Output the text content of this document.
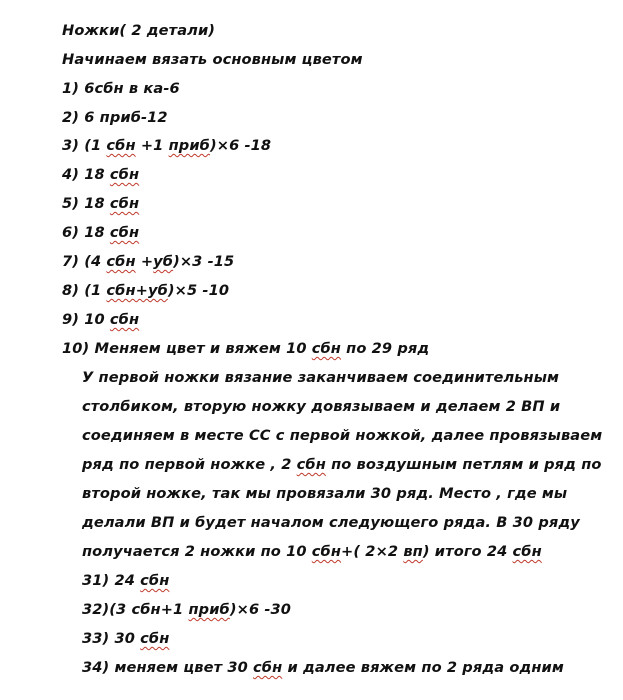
Ножки( 2 детали)
Начинаем вязать основным цветом
1) 6сбн в ка-6
2) 6 приб-12
3) (1 сбн +1 приб)×6 -18
4) 18 сбн
5) 18 сбн
6) 18 сбн
7) (4 сбн +уб)×3 -15
8) (1 сбн+уб)×5 -10
9) 10 сбн
10) Меняем цвет и вяжем 10 сбн по 29 ряд
У первой ножки вязание заканчиваем соединительным
столбиком, вторую ножку довязываем и делаем 2 ВП и
соединяем в месте СС с первой ножкой, далее провязываем
ряд по первой ножке , 2 сбн по воздушным петлям и ряд по
второй ножке, так мы провязали 30 ряд. Место , где мы
делали ВП и будет началом следующего ряда. В 30 ряду
получается 2 ножки по 10 сбн+( 2×2 вп) итого 24 сбн
31) 24 сбн
32)(3 сбн+1 приб)×6 -30
33) 30 сбн
34) меняем цвет 30 сбн и далее вяжем по 2 ряда одним
